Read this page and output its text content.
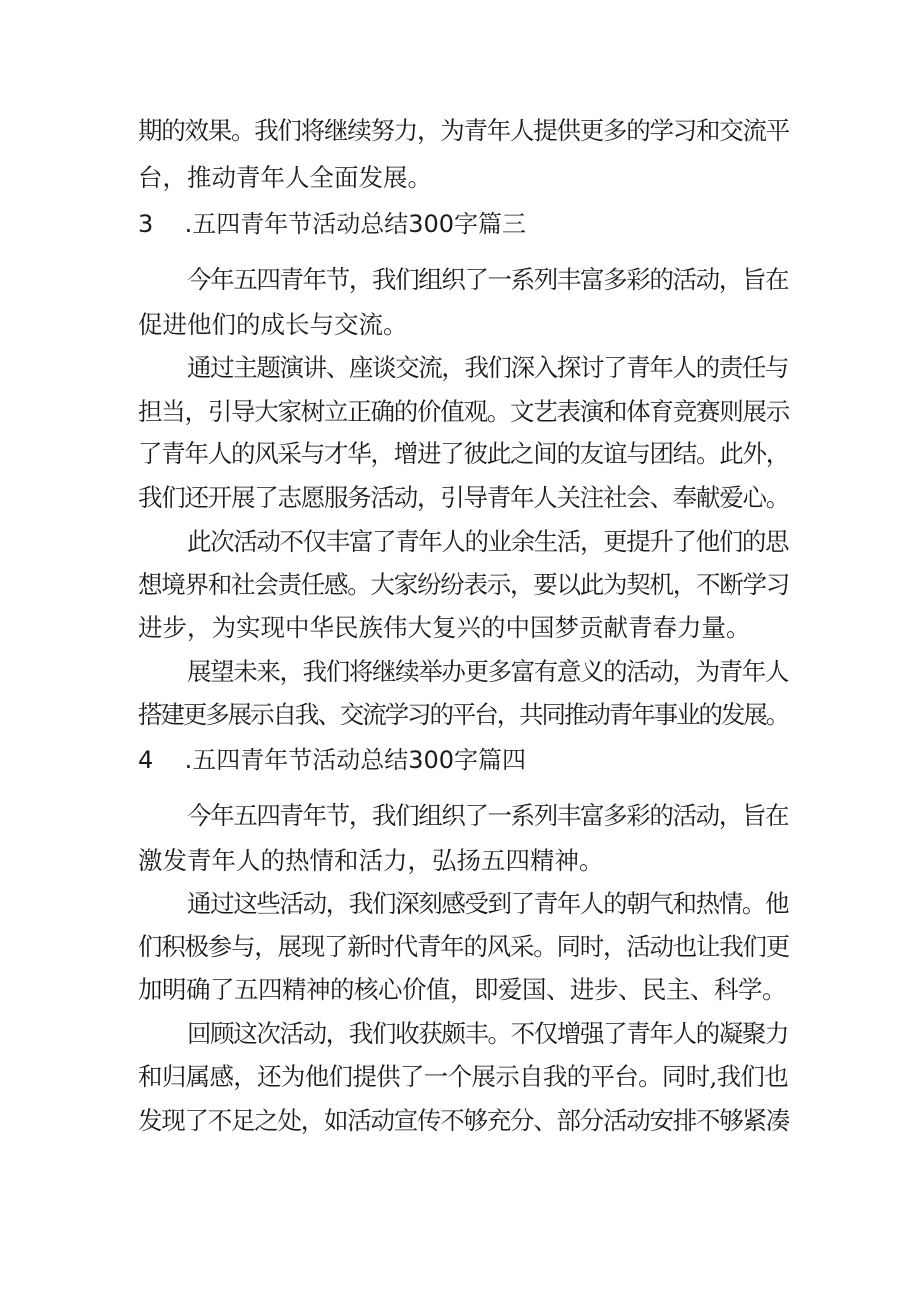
期的效果。我们将继续努力，为青年人提供更多的学习和交流平
台，推动青年人全面发展。
3 .五四青年节活动总结300字篇三
今年五四青年节，我们组织了一系列丰富多彩的活动，旨在
促进他们的成长与交流。
通过主题演讲、座谈交流，我们深入探讨了青年人的责任与
担当，引导大家树立正确的价值观。文艺表演和体育竞赛则展示
了青年人的风采与才华，增进了彼此之间的友谊与团结。此外，
我们还开展了志愿服务活动，引导青年人关注社会、奉献爱心。
此次活动不仅丰富了青年人的业余生活，更提升了他们的思
想境界和社会责任感。大家纷纷表示，要以此为契机，不断学习
进步，为实现中华民族伟大复兴的中国梦贡献青春力量。
展望未来，我们将继续举办更多富有意义的活动，为青年人
搭建更多展示自我、交流学习的平台，共同推动青年事业的发展。
4 .五四青年节活动总结300字篇四
今年五四青年节，我们组织了一系列丰富多彩的活动，旨在
激发青年人的热情和活力，弘扬五四精神。
通过这些活动，我们深刻感受到了青年人的朝气和热情。他
们积极参与，展现了新时代青年的风采。同时，活动也让我们更
加明确了五四精神的核心价值，即爱国、进步、民主、科学。
回顾这次活动，我们收获颇丰。不仅增强了青年人的凝聚力
和归属感，还为他们提供了一个展示自我的平台。同时,我们也
发现了不足之处，如活动宣传不够充分、部分活动安排不够紧凑
